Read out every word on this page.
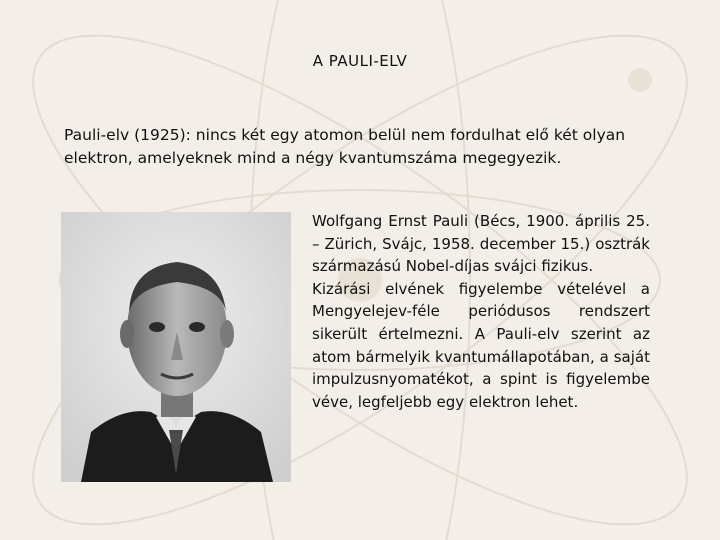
A PAULI-ELV
Pauli-elv (1925): nincs két egy atomon belül nem fordulhat elő két olyan elektron, amelyeknek mind a négy kvantumszáma megegyezik.

Wolfgang Ernst Pauli (Bécs, 1900. április 25. – Zürich, Svájc, 1958. december 15.) osztrák származású Nobel-díjas svájci fizikus.

Kizárási elvének figyelembe vételével a Mengyelejev-féle periódusos rendszert sikerült értelmezni. A Pauli-elv szerint az atom bármelyik kvantumállapotában, a saját impulzusnyomatékot, a spint is figyelembe véve, legfeljebb egy elektron lehet.
